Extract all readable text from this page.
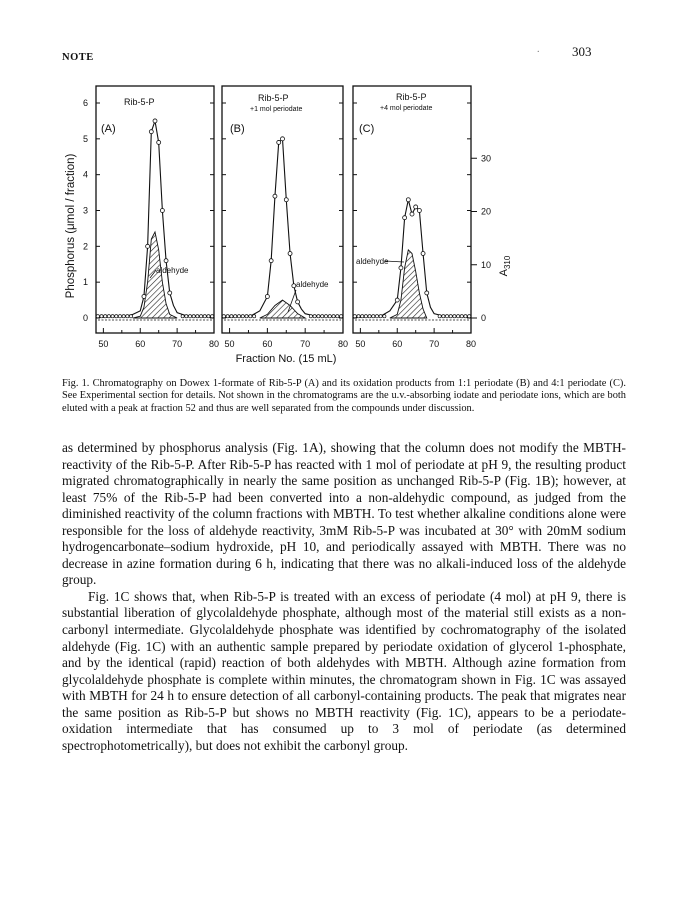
NOTE
.	303
50	60	70	80 50	60	70	80 50	60	70	80
0
1
2
3
4
5
6
0
10
20
30
Rib-5-P
(A)
Rib-5-P
+1 mol periodate
(B)
Rib-5-P
+4 mol periodate
(C)
aldehyde
aldehyde
aldehyde
Phosphorus (μmol / fraction)	$A_{310}$
Fraction No. (15 mL)
Fig. 1. Chromatography on Dowex 1-formate of Rib-5-P (A) and its oxidation products from 1:1 periodate (B) and 4:1 periodate (C). See Experimental section for details. Not shown in the chromatograms are the u.v.-absorbing iodate and periodate ions, which are both eluted with a peak at fraction 52 and thus are well separated from the compounds under discussion.

as determined by phosphorus analysis (Fig. 1A), showing that the column does not modify the MBTH-reactivity of the Rib-5-P. After Rib-5-P has reacted with 1 mol of periodate at pH 9, the resulting product migrated chromatographically in nearly the same position as unchanged Rib-5-P (Fig. 1B); however, at least 75% of the Rib-5-P had been converted into a non-aldehydic compound, as judged from the diminished reactivity of the column fractions with MBTH. To test whether alkaline conditions alone were responsible for the loss of aldehyde reactivity, 3mM Rib-5-P was incubated at 30° with 20mM sodium hydrogencarbonate–sodium hydroxide, pH 10, and periodically assayed with MBTH. There was no decrease in azine formation during 6 h, indicating that there was no alkali-induced loss of the aldehyde group.

Fig. 1C shows that, when Rib-5-P is treated with an excess of periodate (4 mol) at pH 9, there is substantial liberation of glycolaldehyde phosphate, although most of the material still exists as a non-carbonyl intermediate. Glycolaldehyde phosphate was identified by cochromatography of the isolated aldehyde (Fig. 1C) with an authentic sample prepared by periodate oxidation of glycerol 1-phosphate, and by the identical (rapid) reaction of both aldehydes with MBTH. Although azine formation from glycolaldehyde phosphate is complete within minutes, the chromatogram shown in Fig. 1C was assayed with MBTH for 24 h to ensure detection of all carbonyl-containing products. The peak that migrates near the same position as Rib-5-P but shows no MBTH reactivity (Fig. 1C), appears to be a periodate-oxidation intermediate that has consumed up to 3 mol of periodate (as determined spectrophotometrically), but does not exhibit the carbonyl group.
